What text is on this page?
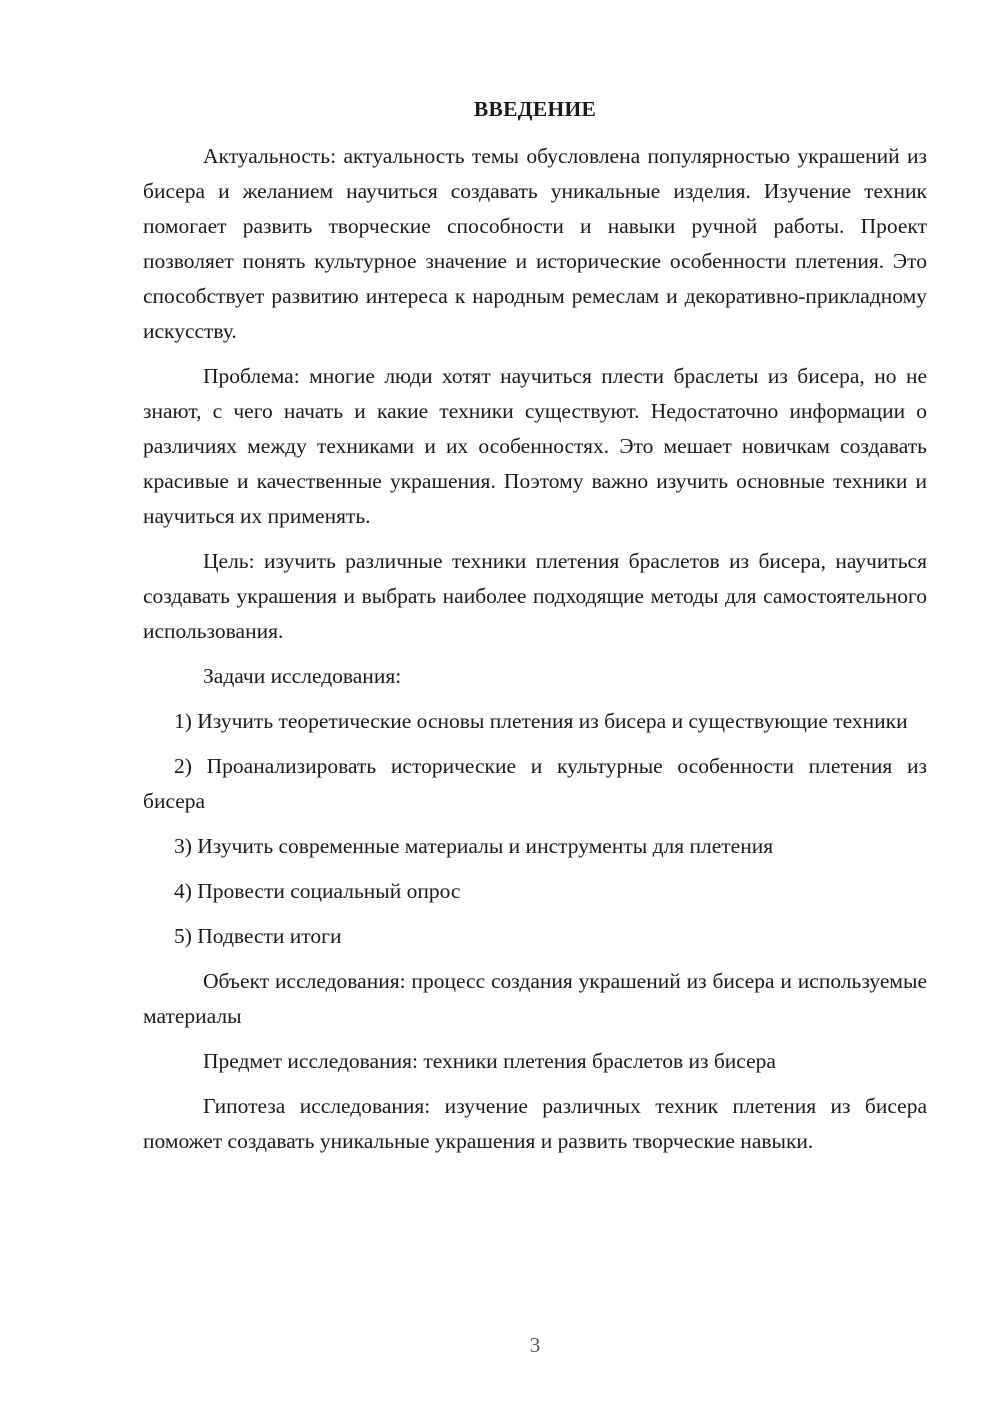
ВВЕДЕНИЕ

Актуальность: актуальность темы обусловлена популярностью украшений из бисера и желанием научиться создавать уникальные изделия. Изучение техник помогает развить творческие способности и навыки ручной работы. Проект позволяет понять культурное значение и исторические особенности плетения. Это способствует развитию интереса к народным ремеслам и декоративно-прикладному искусству.

Проблема: многие люди хотят научиться плести браслеты из бисера, но не знают, с чего начать и какие техники существуют. Недостаточно информации о различиях между техниками и их особенностях. Это мешает новичкам создавать красивые и качественные украшения. Поэтому важно изучить основные техники и научиться их применять.

Цель: изучить различные техники плетения браслетов из бисера, научиться создавать украшения и выбрать наиболее подходящие методы для самостоятельного использования.

Задачи исследования:

1) Изучить теоретические основы плетения из бисера и существующие техники

2) Проанализировать исторические и культурные особенности плетения из бисера

3) Изучить современные материалы и инструменты для плетения

4) Провести социальный опрос

5) Подвести итоги

Объект исследования: процесс создания украшений из бисера и используемые материалы

Предмет исследования: техники плетения браслетов из бисера

Гипотеза исследования: изучение различных техник плетения из бисера поможет создавать уникальные украшения и развить творческие навыки.

3
